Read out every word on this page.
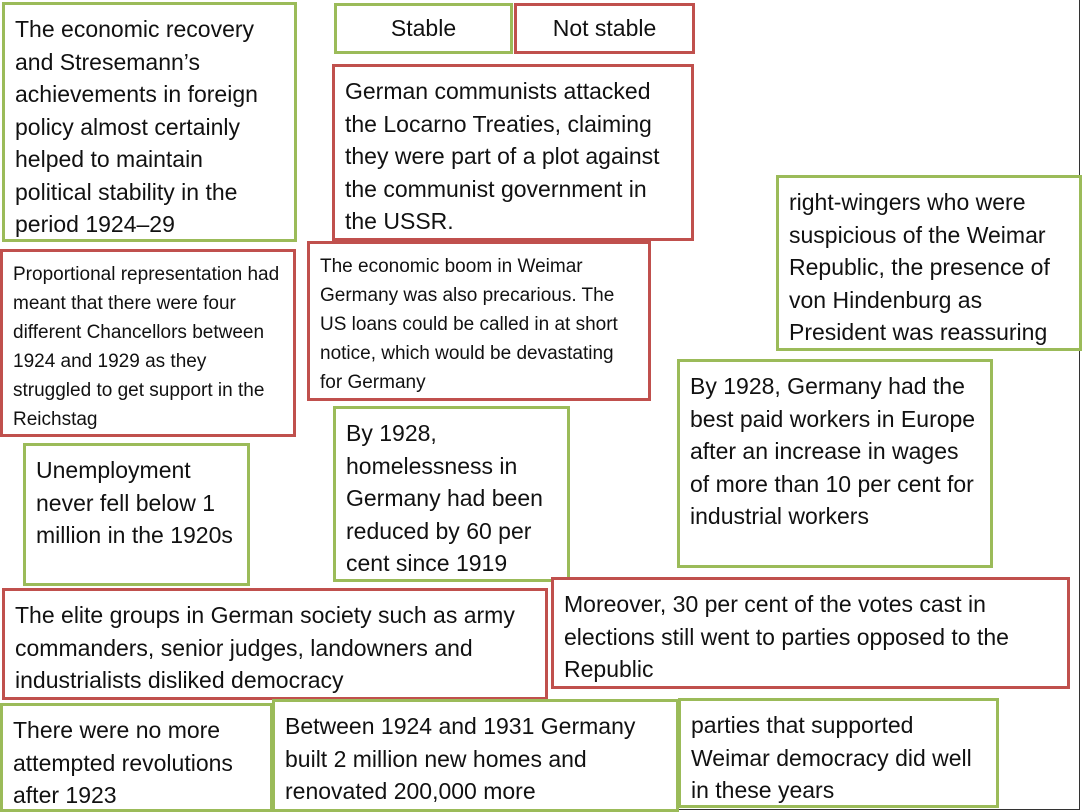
Stable	Not stable
The economic recovery and Stresemann’s achievements in foreign policy almost certainly helped to maintain political stability in the period 1924–29
German communists attacked the Locarno Treaties, claiming they were part of a plot against the communist government in the USSR.
right-wingers who were suspicious of the Weimar Republic, the presence of von Hindenburg as President was reassuring
Proportional representation had meant that there were four different Chancellors between 1924 and 1929 as they struggled to get support in the Reichstag
The economic boom in Weimar Germany was also precarious. The US loans could be called in at short notice, which would be devastating for Germany	By 1928, Germany had the best paid workers in Europe after an increase in wages of more than 10 per cent for industrial workers
Unemployment never fell below 1 million in the 1920s
By 1928, homelessness in Germany had been reduced by 60 per cent since 1919
The elite groups in German society such as army commanders, senior judges, landowners and industrialists disliked democracy
Moreover, 30 per cent of the votes cast in elections still went to parties opposed to the Republic
There were no more attempted revolutions after 1923
Between 1924 and 1931 Germany built 2 million new homes and renovated 200,000 more
parties that supported Weimar democracy did well in these years
